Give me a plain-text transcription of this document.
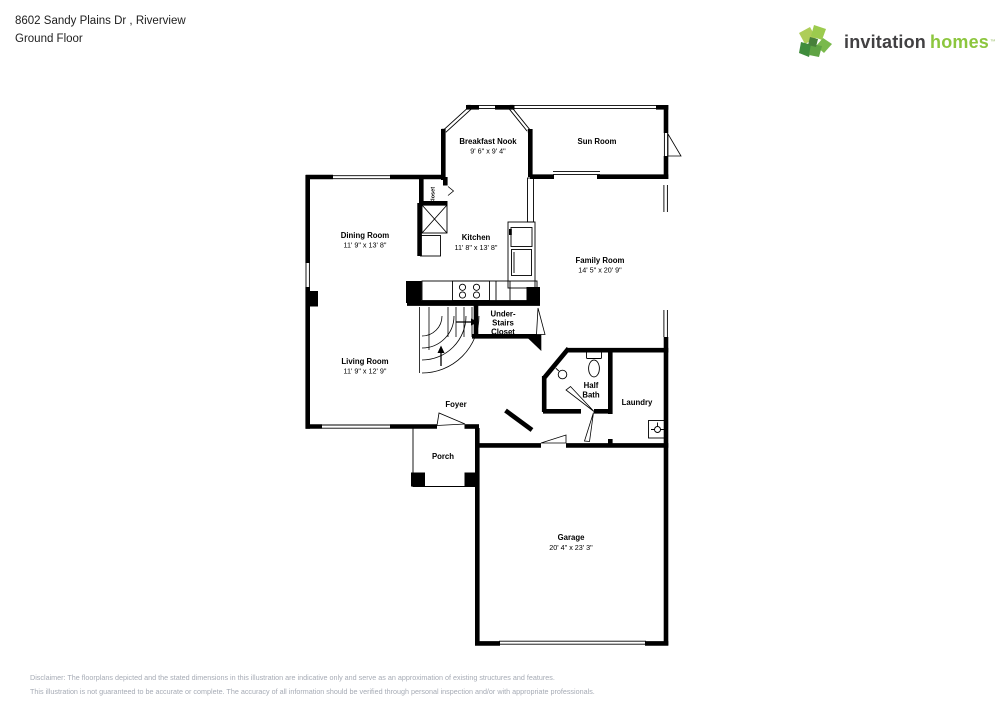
8602 Sandy Plains Dr , Riverview
Ground Floor	invitation homes ™
Breakfast Nook
9' 6" x 9' 4"
Sun Room
Dining Room
11' 9" x 13' 8"
Kitchen
11' 8" x 13' 8"
Family Room
14' 5" x 20' 9"
Under-
Stairs
Closet
Living Room
11' 9" x 12' 9"
Foyer
Porch
Half
Bath
Laundry
Garage
20' 4" x 23' 3"
Closet
Disclaimer: The floorplans depicted and the stated dimensions in this illustration are indicative only and serve as an approximation of existing structures and features.
This illustration is not guaranteed to be accurate or complete. The accuracy of all information should be verified through personal inspection and/or with appropriate professionals.
